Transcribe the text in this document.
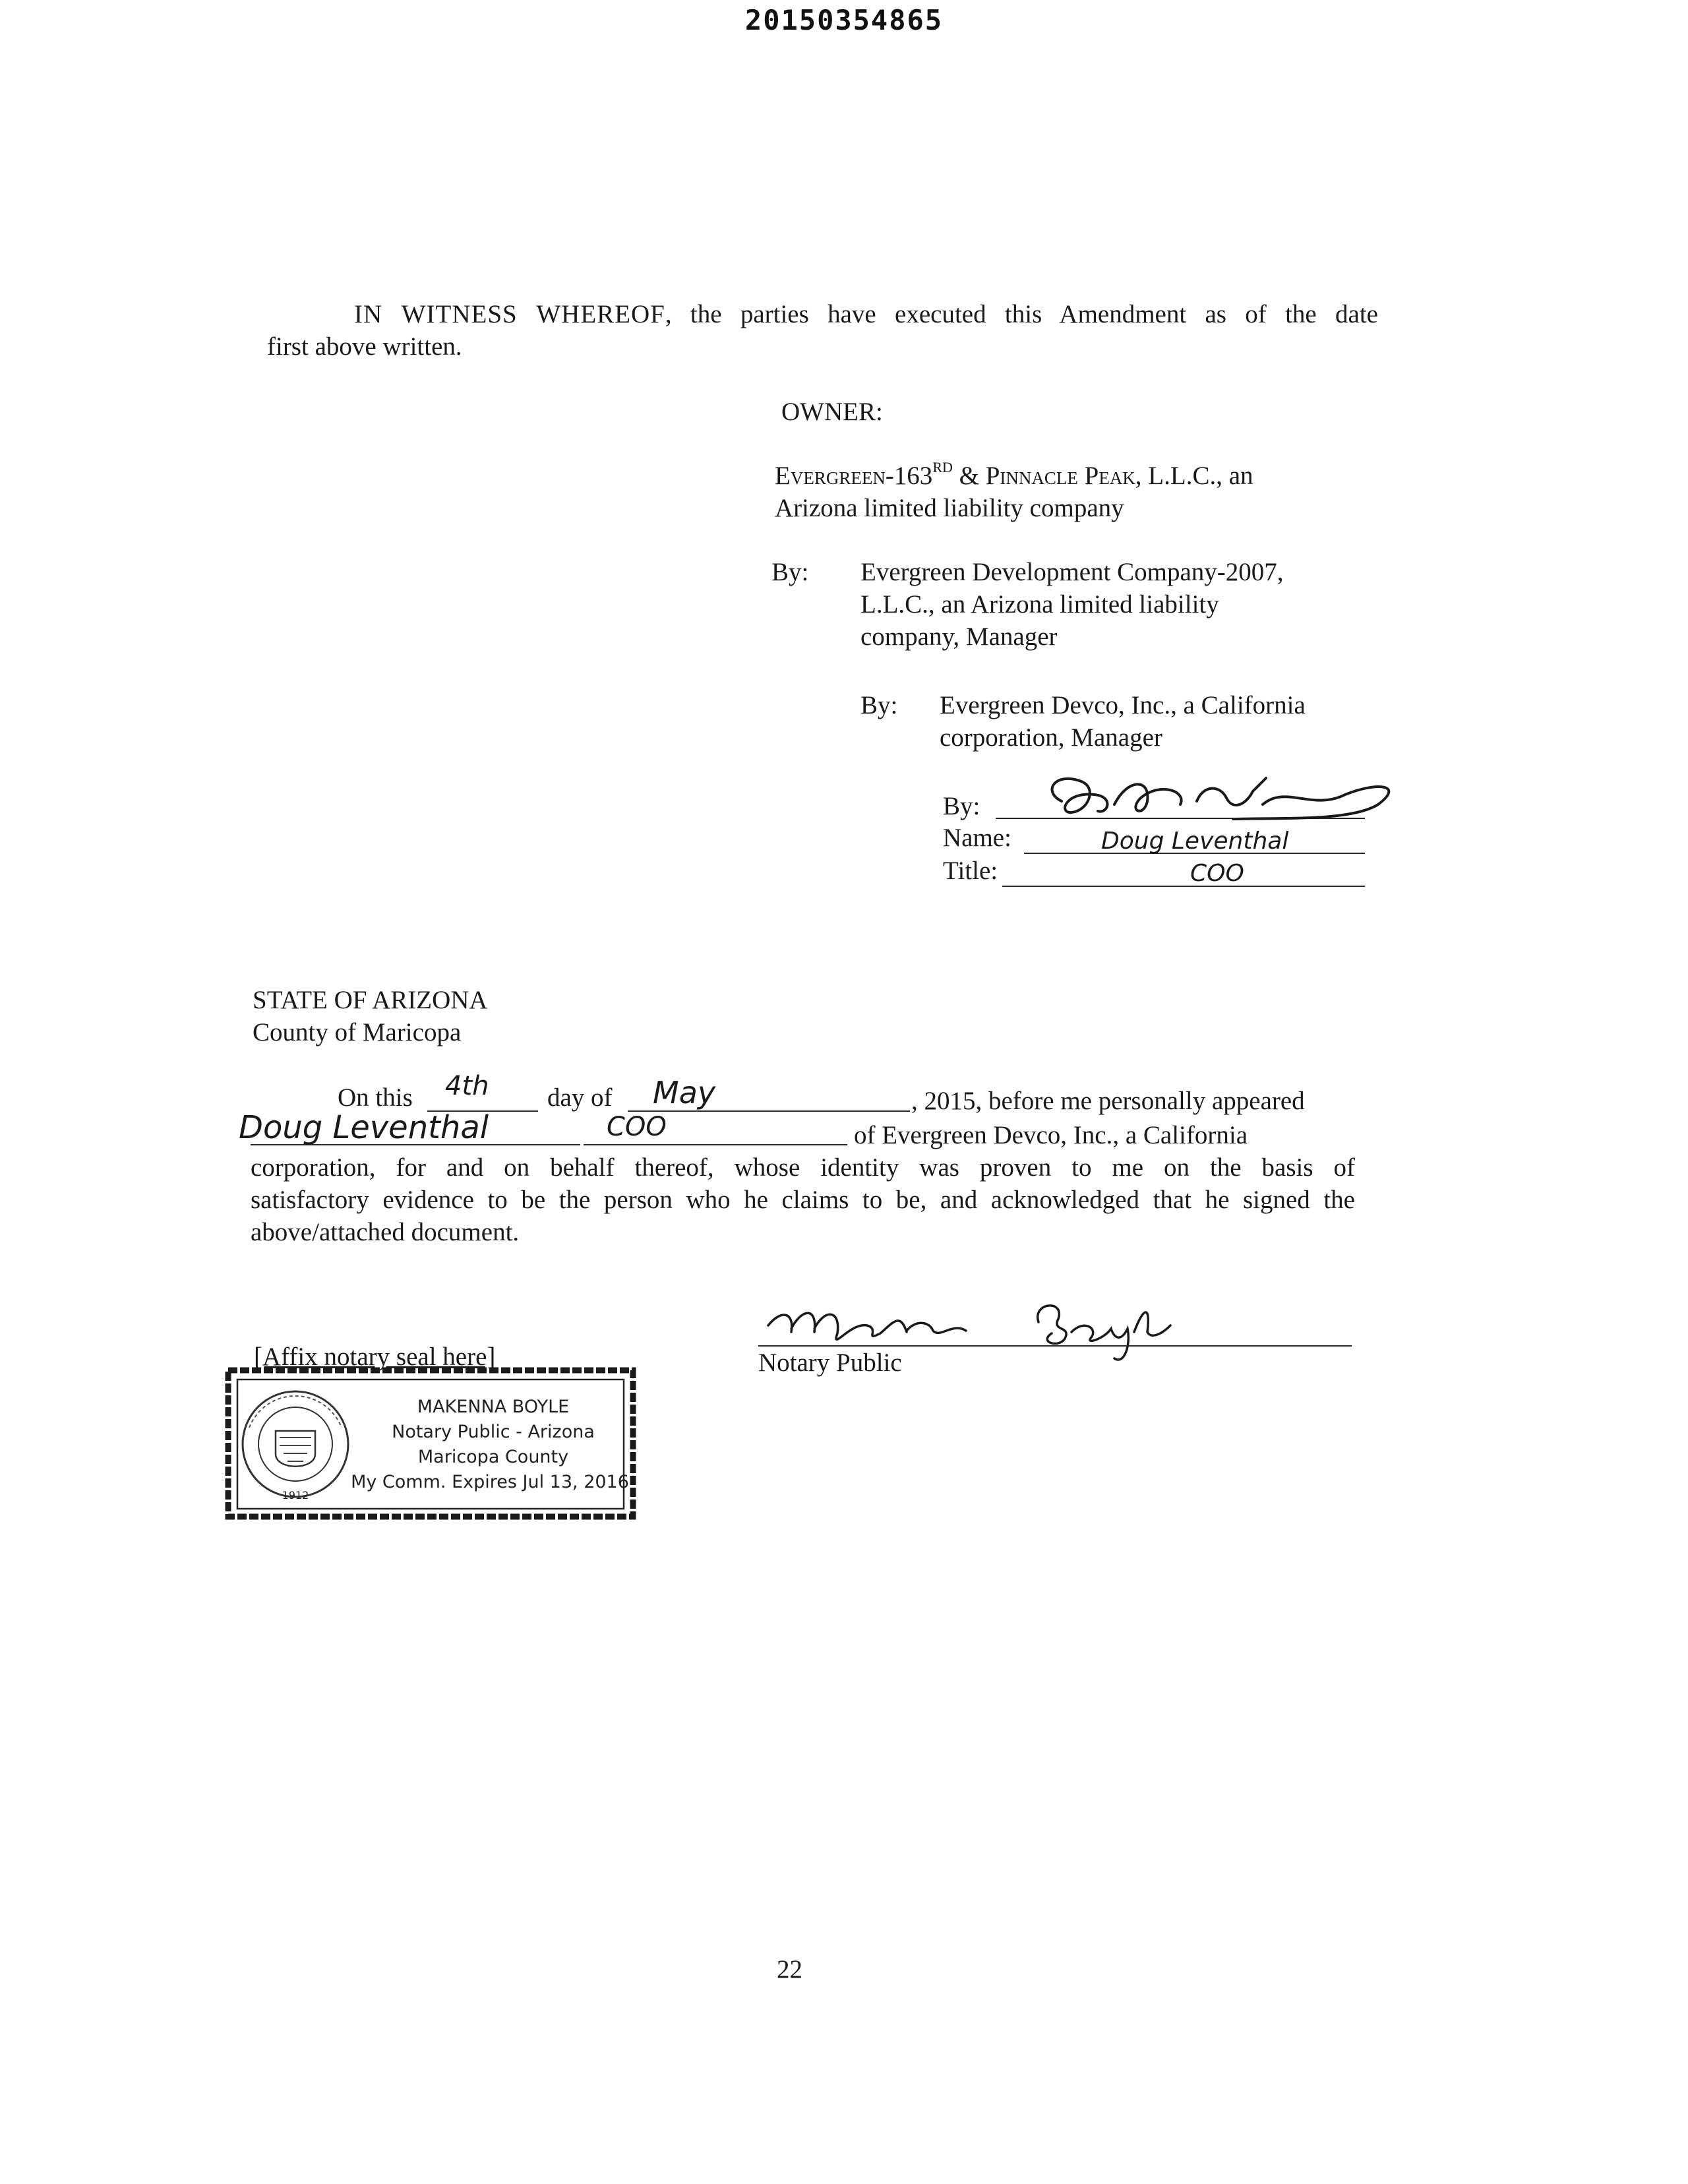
20150354865
IN WITNESS WHEREOF, the parties have executed this Amendment as of the date
first above written.
OWNER:
Evergreen-163RD & Pinnacle Peak, L.L.C., an
Arizona limited liability company
By: Evergreen Development Company-2007,
L.L.C., an Arizona limited liability
company, Manager
By: Evergreen Devco, Inc., a California
corporation, Manager
By:
Name:	Doug Leventhal
Title:	COO
STATE OF ARIZONA
County of Maricopa
On this 4th day of May	, 2015, before me personally appeared
Doug Leventhal	COO	of Evergreen Devco, Inc., a California
corporation, for and on behalf thereof, whose identity was proven to me on the basis of
satisfactory evidence to be the person who he claims to be, and acknowledged that he signed the
above/attached document.
Notary Public
[Affix notary seal here]
1912
MAKENNA BOYLE
Notary Public - Arizona
Maricopa County
My Comm. Expires Jul 13, 2016
22
